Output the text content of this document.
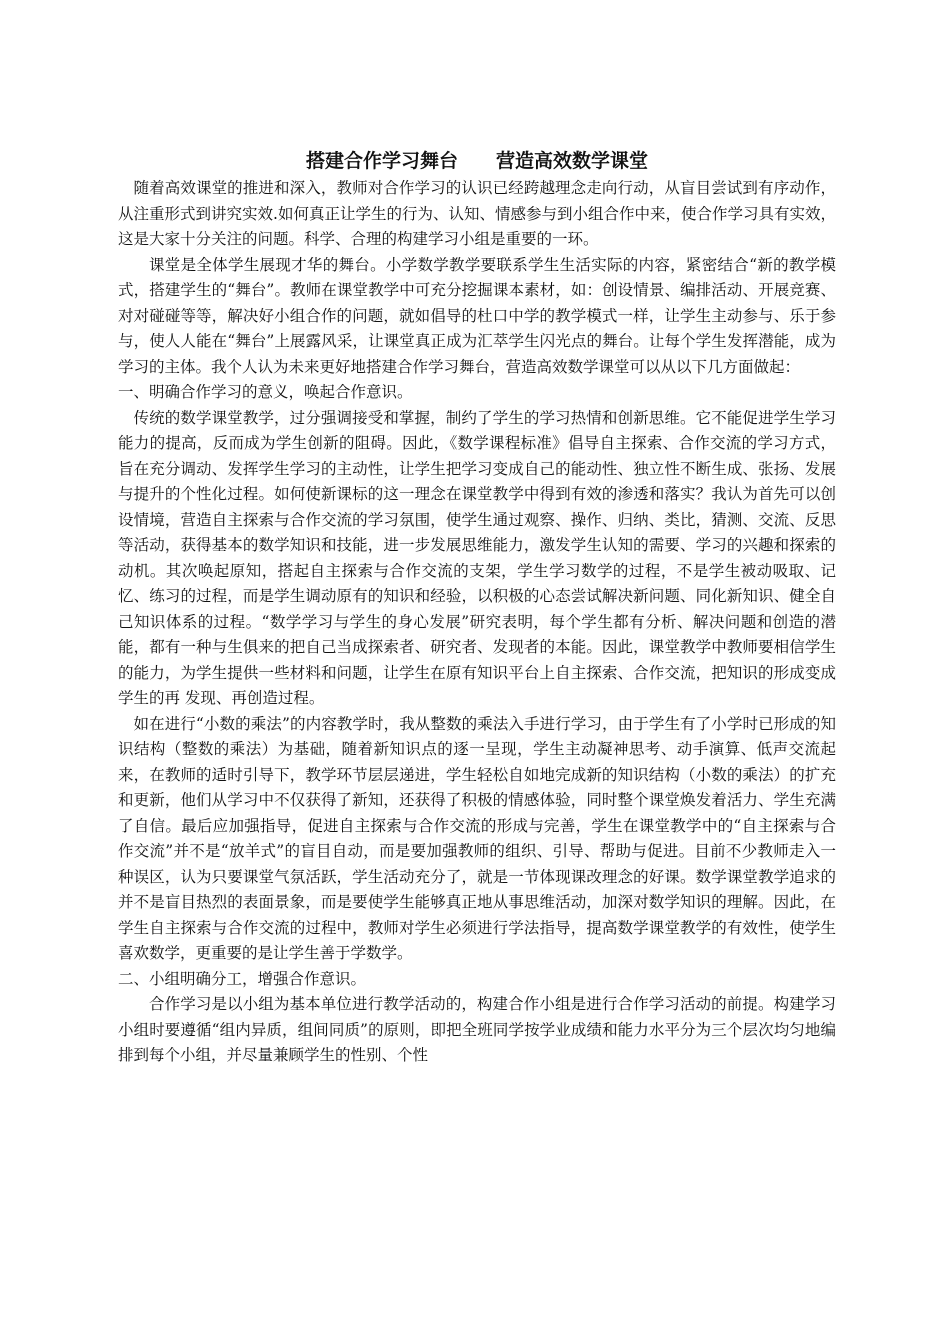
搭建合作学习舞台　　营造高效数学课堂

随着高效课堂的推进和深入，教师对合作学习的认识已经跨越理念走向行动，从盲目尝试到有序动作，从注重形式到讲究实效.如何真正让学生的行为、认知、情感参与到小组合作中来，使合作学习具有实效，这是大家十分关注的问题。科学、合理的构建学习小组是重要的一环。

课堂是全体学生展现才华的舞台。小学数学教学要联系学生生活实际的内容，紧密结合“新的教学模式，搭建学生的“舞台”。教师在课堂教学中可充分挖掘课本素材，如：创设情景、编排活动、开展竞赛、对对碰碰等等，解决好小组合作的问题，就如倡导的杜口中学的教学模式一样，让学生主动参与、乐于参与，使人人能在“舞台”上展露风采，让课堂真正成为汇萃学生闪光点的舞台。让每个学生发挥潜能，成为学习的主体。我个人认为未来更好地搭建合作学习舞台，营造高效数学课堂可以从以下几方面做起：

一、明确合作学习的意义，唤起合作意识。

传统的数学课堂教学，过分强调接受和掌握，制约了学生的学习热情和创新思维。它不能促进学生学习能力的提高，反而成为学生创新的阻碍。因此，《数学课程标准》倡导自主探索、合作交流的学习方式，旨在充分调动、发挥学生学习的主动性，让学生把学习变成自己的能动性、独立性不断生成、张扬、发展与提升的个性化过程。如何使新课标的这一理念在课堂教学中得到有效的渗透和落实？我认为首先可以创设情境，营造自主探索与合作交流的学习氛围，使学生通过观察、操作、归纳、类比，猜测、交流、反思等活动，获得基本的数学知识和技能，进一步发展思维能力，激发学生认知的需要、学习的兴趣和探索的动机。其次唤起原知，搭起自主探索与合作交流的支架，学生学习数学的过程，不是学生被动吸取、记忆、练习的过程，而是学生调动原有的知识和经验，以积极的心态尝试解决新问题、同化新知识、健全自己知识体系的过程。“数学学习与学生的身心发展”研究表明，每个学生都有分析、解决问题和创造的潜能，都有一种与生俱来的把自己当成探索者、研究者、发现者的本能。因此，课堂教学中教师要相信学生的能力，为学生提供一些材料和问题，让学生在原有知识平台上自主探索、合作交流，把知识的形成变成学生的再 发现、再创造过程。

如在进行“小数的乘法”的内容教学时，我从整数的乘法入手进行学习，由于学生有了小学时已形成的知识结构（整数的乘法）为基础，随着新知识点的逐一呈现，学生主动凝神思考、动手演算、低声交流起来，在教师的适时引导下，教学环节层层递进，学生轻松自如地完成新的知识结构（小数的乘法）的扩充和更新，他们从学习中不仅获得了新知，还获得了积极的情感体验，同时整个课堂焕发着活力、学生充满了自信。最后应加强指导，促进自主探索与合作交流的形成与完善，学生在课堂教学中的“自主探索与合作交流”并不是“放羊式”的盲目自动，而是要加强教师的组织、引导、帮助与促进。目前不少教师走入一种误区，认为只要课堂气氛活跃，学生活动充分了，就是一节体现课改理念的好课。数学课堂教学追求的并不是盲目热烈的表面景象，而是要使学生能够真正地从事思维活动，加深对数学知识的理解。因此，在学生自主探索与合作交流的过程中，教师对学生必须进行学法指导，提高数学课堂教学的有效性，使学生喜欢数学，更重要的是让学生善于学数学。

二、小组明确分工，增强合作意识。

合作学习是以小组为基本单位进行教学活动的，构建合作小组是进行合作学习活动的前提。构建学习小组时要遵循“组内异质，组间同质”的原则，即把全班同学按学业成绩和能力水平分为三个层次均匀地编排到每个小组，并尽量兼顾学生的性别、个性
